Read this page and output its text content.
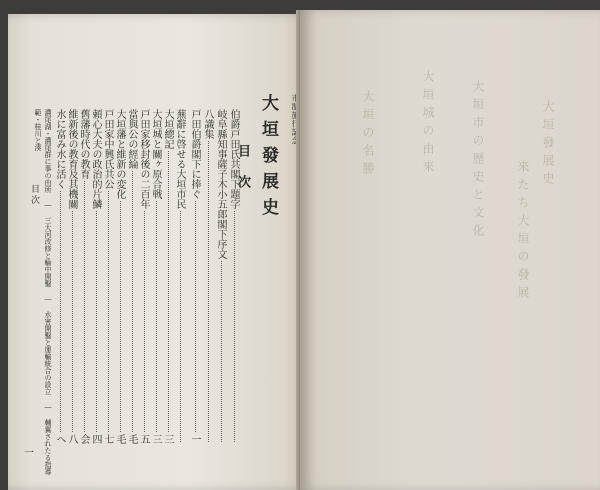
大垣發展史
目次
伯爵戸田氏共閣下題字
岐阜縣知事薩子木小五郎閣下序文
八識集
戸田伯爵閣下に捧ぐ
一
蕪辭に啓せる大垣市民
大垣總記
三
大垣城と關ヶ原合戦
三
戸田家移封後の二百年
五
當與公の經綸
毛
大垣藩と維新の変化
毛
戸田家中興氏共公
七
頼心大夫の政治的片鱗
四
舊藩時代の教育
会
維新後の教育及其機關
八
水に富み水に活く
へ
濃尾湖・濃尾群に事の由所 ― 三大河改修と輪中開鑿 ― 水害開鑿と運輸統合の設立 ― 輔翼されたる指導
範・桂川と湊
目次
一
大垣發展史
來たち大垣の發展
大垣市の歴史と文化
大垣城の由來
大垣の名勝
